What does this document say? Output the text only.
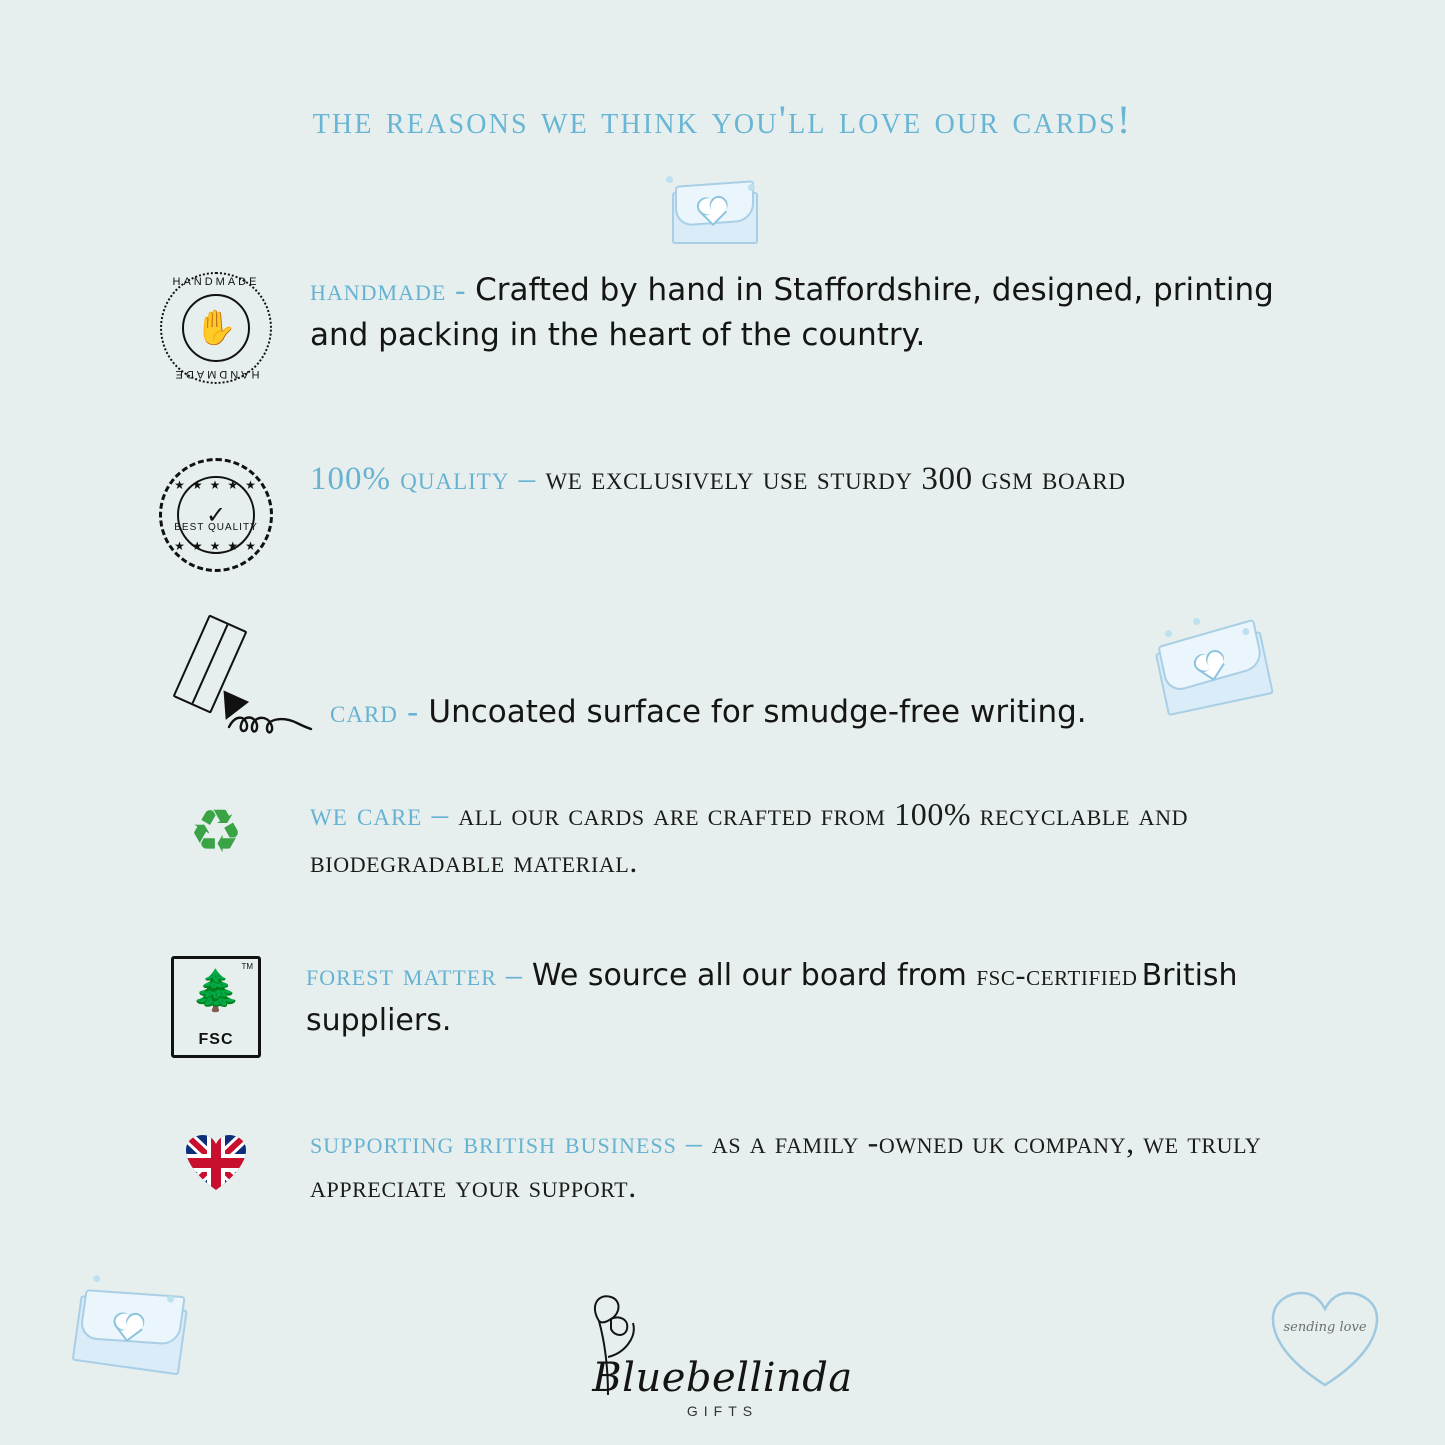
the reasons we think you'll love our cards!
HANDMADE
HANDMADE
✋
handmade - Crafted by hand in Staffordshire, designed, printing and packing in the heart of the country.
★ ★ ★ ★ ★
✓
BEST QUALITY
★ ★ ★ ★ ★
100% quality – we exclusively use sturdy 300 gsm board
card - Uncoated surface for smudge-free writing.
♻	we care – all our cards are crafted from 100% recyclable and biodegradable material.
TM
🌲
FSC
forest matter – We source all our board from fsc-certified British suppliers.
supporting british business – as a family -owned uk company, we truly appreciate your support.
Bluebellinda
GIFTS
sending love
